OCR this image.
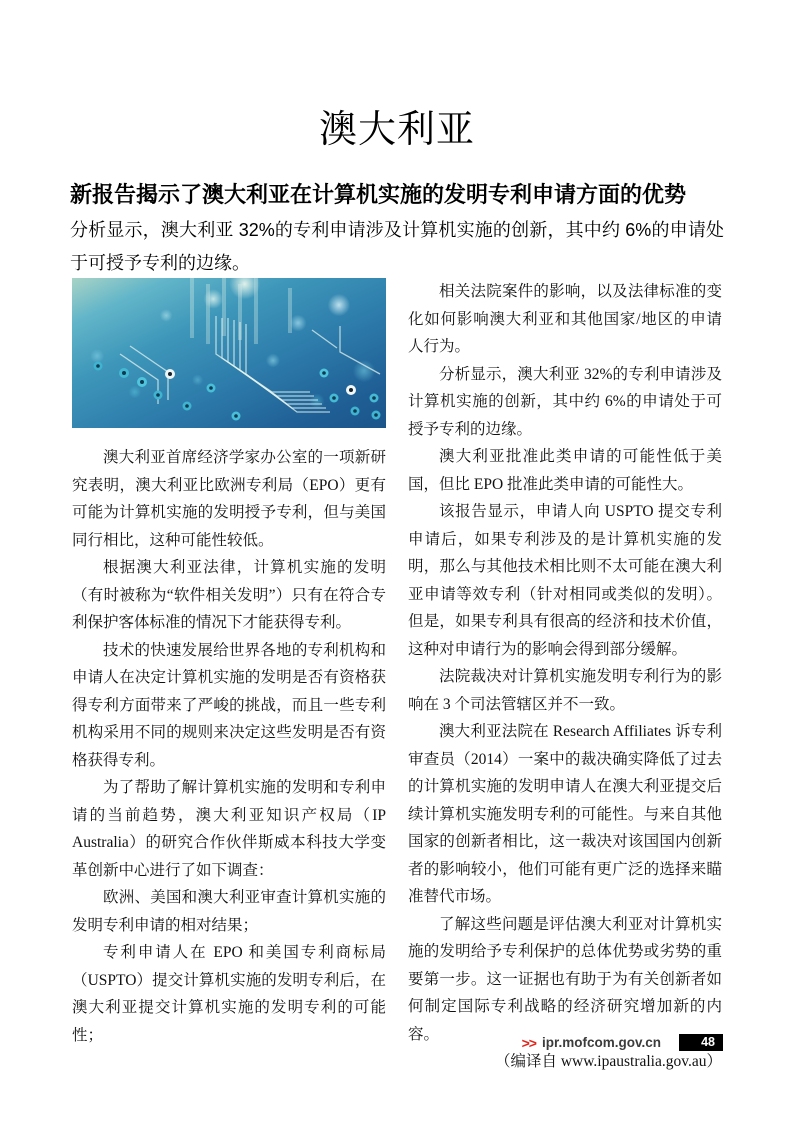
澳大利亚
新报告揭示了澳大利亚在计算机实施的发明专利申请方面的优势

分析显示，澳大利亚 32%的专利申请涉及计算机实施的创新，其中约 6%的申请处于可授予专利的边缘。

澳大利亚首席经济学家办公室的一项新研究表明，澳大利亚比欧洲专利局（EPO）更有可能为计算机实施的发明授予专利，但与美国同行相比，这种可能性较低。

根据澳大利亚法律，计算机实施的发明（有时被称为“软件相关发明”）只有在符合专利保护客体标准的情况下才能获得专利。

技术的快速发展给世界各地的专利机构和申请人在决定计算机实施的发明是否有资格获得专利方面带来了严峻的挑战，而且一些专利机构采用不同的规则来决定这些发明是否有资格获得专利。

为了帮助了解计算机实施的发明和专利申请的当前趋势，澳大利亚知识产权局（IP Australia）的研究合作伙伴斯威本科技大学变革创新中心进行了如下调查：

欧洲、美国和澳大利亚审查计算机实施的发明专利申请的相对结果；

专利申请人在 EPO 和美国专利商标局（USPTO）提交计算机实施的发明专利后，在澳大利亚提交计算机实施的发明专利的可能性；

相关法院案件的影响，以及法律标准的变化如何影响澳大利亚和其他国家/地区的申请人行为。

分析显示，澳大利亚 32%的专利申请涉及计算机实施的创新，其中约 6%的申请处于可授予专利的边缘。

澳大利亚批准此类申请的可能性低于美国，但比 EPO 批准此类申请的可能性大。

该报告显示，申请人向 USPTO 提交专利申请后，如果专利涉及的是计算机实施的发明，那么与其他技术相比则不太可能在澳大利亚申请等效专利（针对相同或类似的发明）。但是，如果专利具有很高的经济和技术价值，这种对申请行为的影响会得到部分缓解。

法院裁决对计算机实施发明专利行为的影响在 3 个司法管辖区并不一致。

澳大利亚法院在 Research Affiliates 诉专利审查员（2014）一案中的裁决确实降低了过去的计算机实施的发明申请人在澳大利亚提交后续计算机实施发明专利的可能性。与来自其他国家的创新者相比，这一裁决对该国国内创新者的影响较小，他们可能有更广泛的选择来瞄准替代市场。

了解这些问题是评估澳大利亚对计算机实施的发明给予专利保护的总体优势或劣势的重要第一步。这一证据也有助于为有关创新者如何制定国际专利战略的经济研究增加新的内容。

（编译自 www.ipaustralia.gov.au）

>> ipr.mofcom.gov.cn	48
